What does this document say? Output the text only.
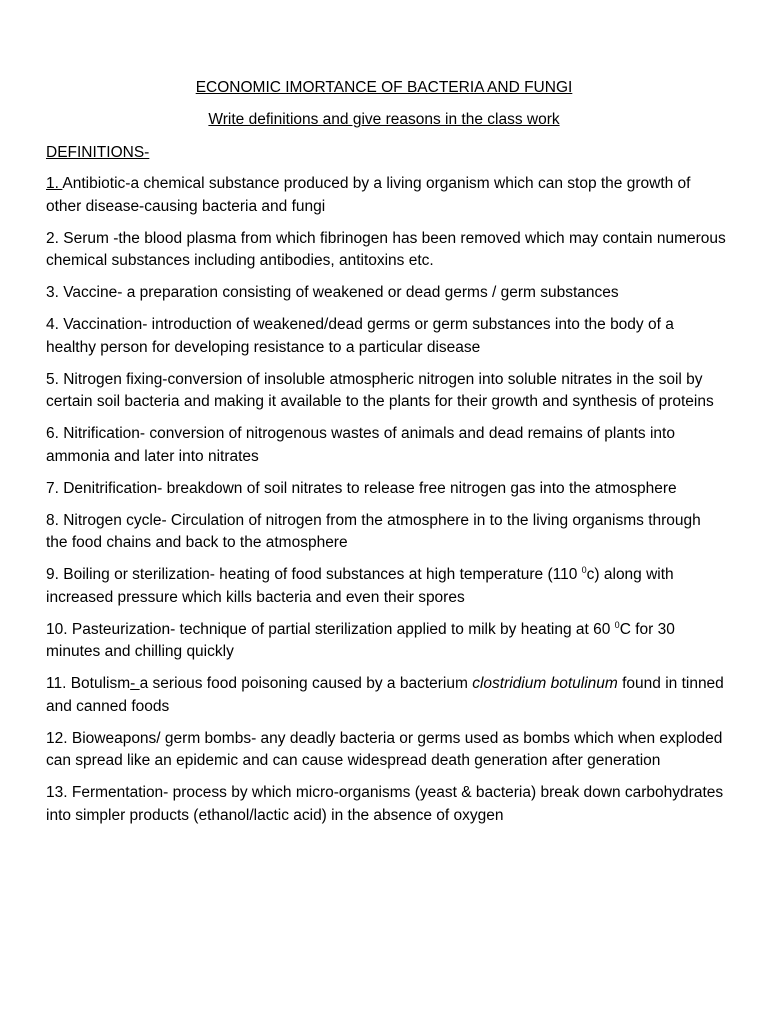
ECONOMIC IMORTANCE OF BACTERIA AND FUNGI
Write definitions and give reasons in the class work
DEFINITIONS-
1. Antibiotic-a chemical substance produced by a living organism which can stop the growth of other disease-causing bacteria and fungi
2. Serum -the blood plasma from which fibrinogen has been removed which may contain numerous chemical substances including antibodies, antitoxins etc.
3. Vaccine- a preparation consisting of weakened or dead germs / germ substances
4. Vaccination- introduction of weakened/dead germs or germ substances into the body of a healthy person for developing resistance to a particular disease
5. Nitrogen fixing-conversion of insoluble atmospheric nitrogen into soluble nitrates in the soil by certain soil bacteria and making it available to the plants for their growth and synthesis of proteins
6. Nitrification- conversion of nitrogenous wastes of animals and dead remains of plants into ammonia and later into nitrates
7. Denitrification- breakdown of soil nitrates to release free nitrogen gas into the atmosphere
8. Nitrogen cycle- Circulation of nitrogen from the atmosphere in to the living organisms through the food chains and back to the atmosphere
9. Boiling or sterilization- heating of food substances at high temperature (110 $^0$c) along with increased pressure which kills bacteria and even their spores
10. Pasteurization- technique of partial sterilization applied to milk by heating at 60 $^0$C for 30 minutes and chilling quickly
11. Botulism- a serious food poisoning caused by a bacterium clostridium botulinum found in tinned and canned foods
12. Bioweapons/ germ bombs- any deadly bacteria or germs used as bombs which when exploded can spread like an epidemic and can cause widespread death generation after generation
13. Fermentation- process by which micro-organisms (yeast & bacteria) break down carbohydrates into simpler products (ethanol/lactic acid) in the absence of oxygen
